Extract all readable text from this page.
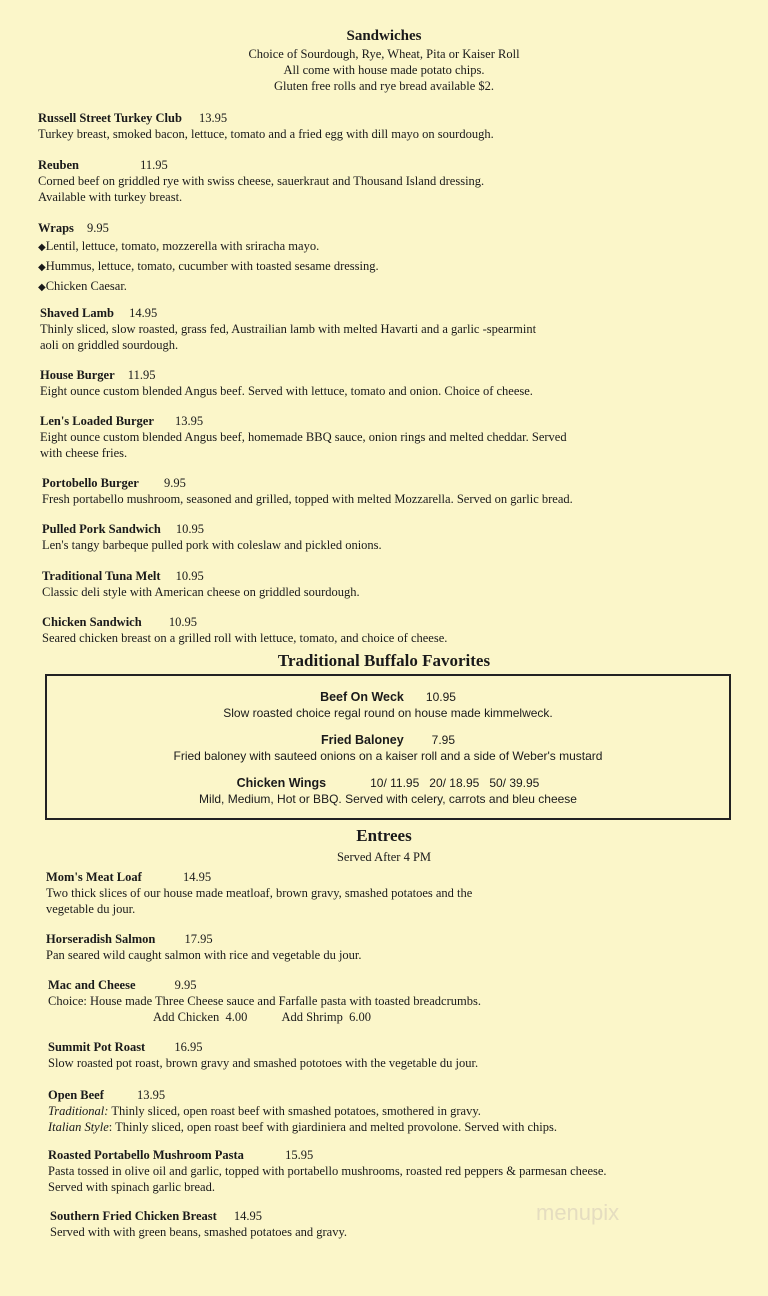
Sandwiches
Choice of Sourdough, Rye, Wheat, Pita or Kaiser Roll
All come with house made potato chips.
Gluten free rolls and rye bread available $2.
Russell Street Turkey Club 13.95
Turkey breast, smoked bacon, lettuce, tomato and a fried egg with dill mayo on sourdough.
Reuben	11.95
Corned beef on griddled rye with swiss cheese, sauerkraut and Thousand Island dressing.
Available with turkey breast.
Wraps 9.95
◆Lentil, lettuce, tomato, mozzerella with sriracha mayo.
◆Hummus, lettuce, tomato, cucumber with toasted sesame dressing.
◆Chicken Caesar.
Shaved Lamb 14.95
Thinly sliced, slow roasted, grass fed, Austrailian lamb with melted Havarti and a garlic -spearmint
aoli on griddled sourdough.
House Burger 11.95
Eight ounce custom blended Angus beef. Served with lettuce, tomato and onion. Choice of cheese.
Len's Loaded Burger 13.95
Eight ounce custom blended Angus beef, homemade BBQ sauce, onion rings and melted cheddar. Served
with cheese fries.
Portobello Burger 9.95
Fresh portabello mushroom, seasoned and grilled, topped with melted Mozzarella. Served on garlic bread.
Pulled Pork Sandwich 10.95
Len's tangy barbeque pulled pork with coleslaw and pickled onions.
Traditional Tuna Melt 10.95
Classic deli style with American cheese on griddled sourdough.
Chicken Sandwich 10.95
Seared chicken breast on a grilled roll with lettuce, tomato, and choice of cheese.
Traditional Buffalo Favorites
Beef On Weck 10.95
Slow roasted choice regal round on house made kimmelweck.
Fried Baloney 7.95
Fried baloney with sauteed onions on a kaiser roll and a side of Weber's mustard
Chicken Wings	10/ 11.95   20/ 18.95   50/ 39.95
Mild, Medium, Hot or BBQ. Served with celery, carrots and bleu cheese
Entrees
Served After 4 PM
Mom's Meat Loaf	14.95
Two thick slices of our house made meatloaf, brown gravy, smashed potatoes and the
vegetable du jour.
Horseradish Salmon 17.95
Pan seared wild caught salmon with rice and vegetable du jour.
Mac and Cheese	9.95
Choice: House made Three Cheese sauce and Farfalle pasta with toasted breadcrumbs.
Add Chicken  4.00	Add Shrimp  6.00
Summit Pot Roast 16.95
Slow roasted pot roast, brown gravy and smashed pototoes with the vegetable du jour.
Open Beef	13.95
Traditional: Thinly sliced, open roast beef with smashed potatoes, smothered in gravy.
Italian Style: Thinly sliced, open roast beef with giardiniera and melted provolone. Served with chips.
Roasted Portabello Mushroom Pasta	15.95
Pasta tossed in olive oil and garlic, topped with portabello mushrooms, roasted red peppers & parmesan cheese.
Served with spinach garlic bread.
Southern Fried Chicken Breast 14.95
Served with with green beans, smashed potatoes and gravy.
menupix
